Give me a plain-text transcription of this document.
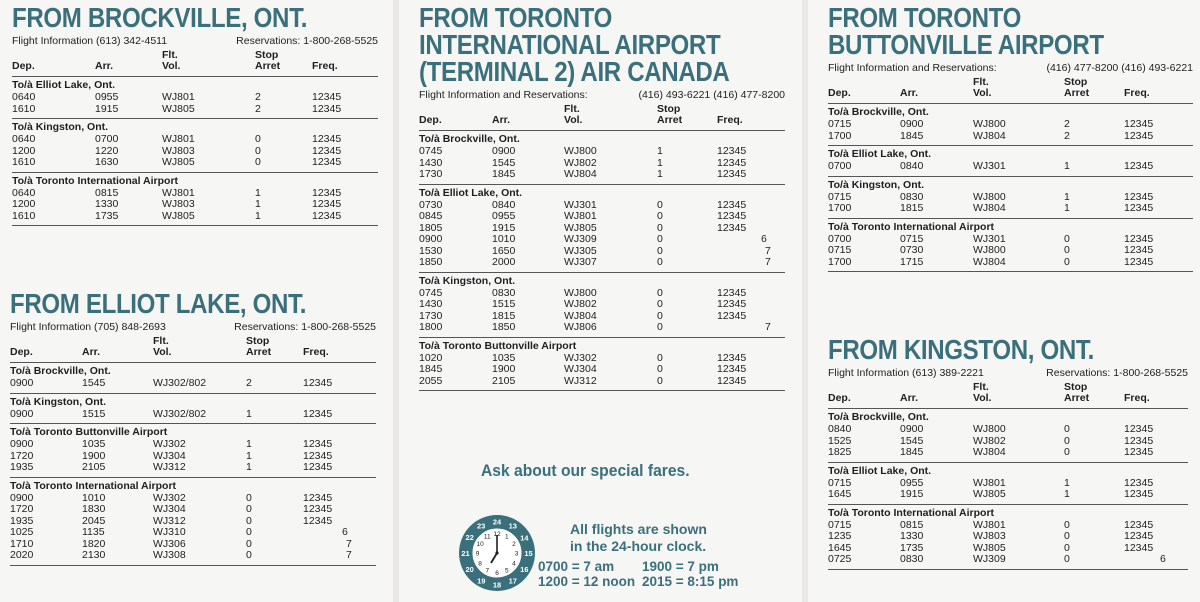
FROM BROCKVILLE, ONT.
Flight Information (613) 342-4511	Reservations: 1-800-268-5525
Dep.	Arr.
Flt.
Vol.
Stop
Arret	Freq.
To/à Elliot Lake, Ont.
0640	0955	WJ801	2	12345
1610	1915	WJ805	2	12345
To/à Kingston, Ont.
0640	0700	WJ801	0	12345
1200	1220	WJ803	0	12345
1610	1630	WJ805	0	12345
To/à Toronto International Airport
0640	0815	WJ801	1	12345
1200	1330	WJ803	1	12345
1610	1735	WJ805	1	12345
FROM ELLIOT LAKE, ONT.
Flight Information (705) 848-2693	Reservations: 1-800-268-5525
Dep.	Arr.
Flt.
Vol.
Stop
Arret	Freq.
To/à Brockville, Ont.
0900	1545	WJ302/802	2	12345
To/à Kingston, Ont.
0900	1515	WJ302/802	1	12345
To/à Toronto Buttonville Airport
0900	1035	WJ302	1	12345
1720	1900	WJ304	1	12345
1935	2105	WJ312	1	12345
To/à Toronto International Airport
0900	1010	WJ302	0	12345
1720	1830	WJ304	0	12345
1935	2045	WJ312	0	12345
1025	1135	WJ310	0	6
1710	1820	WJ306	0	7
2020	2130	WJ308	0	7
FROM TORONTO
INTERNATIONAL AIRPORT
(TERMINAL 2) AIR CANADA
Flight Information and Reservations:	(416) 493-6221 (416) 477-8200
Dep.	Arr.
Flt.
Vol.
Stop
Arret	Freq.
To/à Brockville, Ont.
0745	0900	WJ800	1	12345
1430	1545	WJ802	1	12345
1730	1845	WJ804	1	12345
To/à Elliot Lake, Ont.
0730	0840	WJ301	0	12345
0845	0955	WJ801	0	12345
1805	1915	WJ805	0	12345
0900	1010	WJ309	0	6
1530	1650	WJ305	0	7
1850	2000	WJ307	0	7
To/à Kingston, Ont.
0745	0830	WJ800	0	12345
1430	1515	WJ802	0	12345
1730	1815	WJ804	0	12345
1800	1850	WJ806	0	7
To/à Toronto Buttonville Airport
1020	1035	WJ302	0	12345
1845	1900	WJ304	0	12345
2055	2105	WJ312	0	12345
Ask about our special fares.
24 13
14
15
16
17
18
19
20
21
22
23
12 1
2
3
4
5
6
7
8
9
10
11
All flights are shown
in the 24-hour clock.
0700 = 7 am
1200 = 12 noon
1900 = 7 pm
2015 = 8:15 pm
FROM TORONTO
BUTTONVILLE AIRPORT
Flight Information and Reservations:	(416) 477-8200 (416) 493-6221
Dep.	Arr.
Flt.
Vol.
Stop
Arret	Freq.
To/à Brockville, Ont.
0715	0900	WJ800	2	12345
1700	1845	WJ804	2	12345
To/à Elliot Lake, Ont.
0700	0840	WJ301	1	12345
To/à Kingston, Ont.
0715	0830	WJ800	1	12345
1700	1815	WJ804	1	12345
To/à Toronto International Airport
0700	0715	WJ301	0	12345
0715	0730	WJ800	0	12345
1700	1715	WJ804	0	12345
FROM KINGSTON, ONT.
Flight Information (613) 389-2221	Reservations: 1-800-268-5525
Dep.	Arr.
Flt.
Vol.
Stop
Arret	Freq.
To/à Brockville, Ont.
0840	0900	WJ800	0	12345
1525	1545	WJ802	0	12345
1825	1845	WJ804	0	12345
To/à Elliot Lake, Ont.
0715	0955	WJ801	1	12345
1645	1915	WJ805	1	12345
To/à Toronto International Airport
0715	0815	WJ801	0	12345
1235	1330	WJ803	0	12345
1645	1735	WJ805	0	12345
0725	0830	WJ309	0	6
